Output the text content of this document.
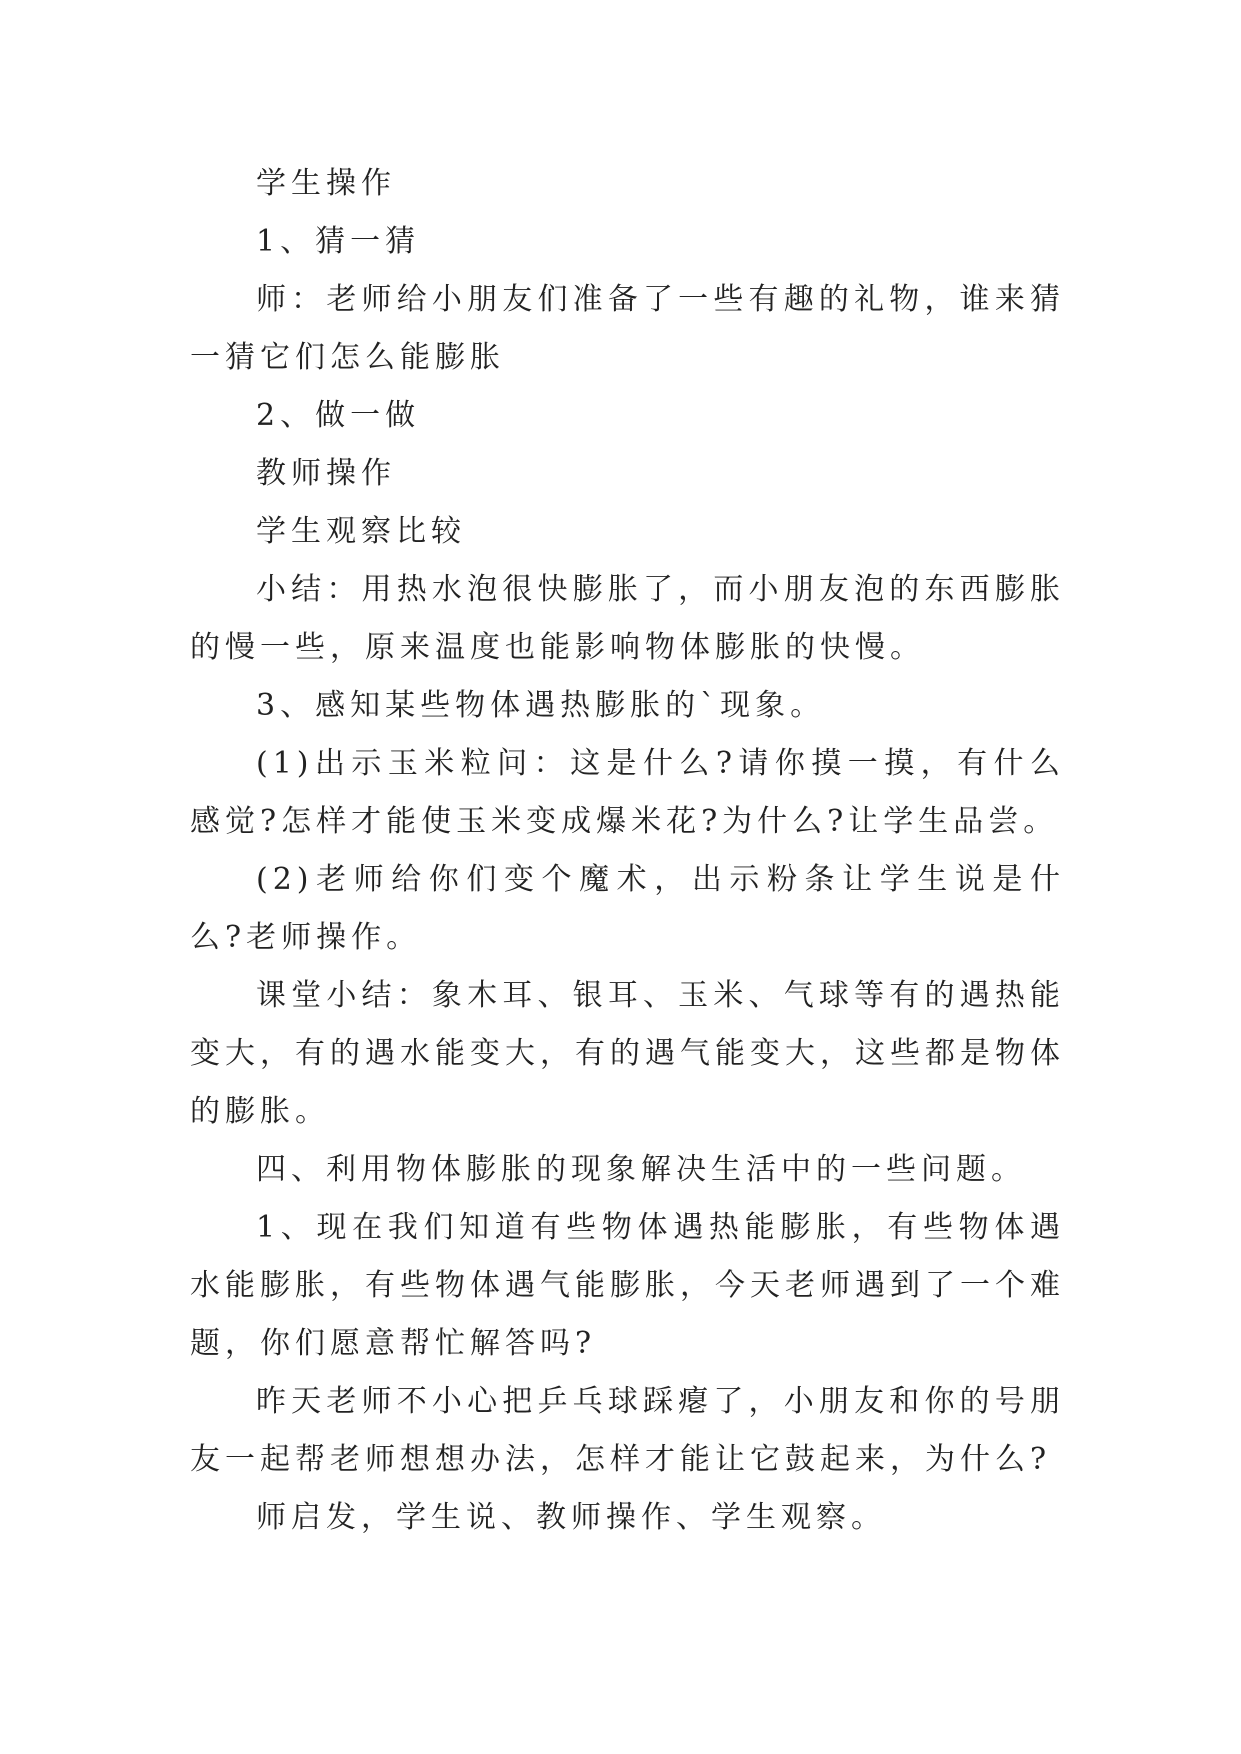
学生操作

1、猜一猜

师：老师给小朋友们准备了一些有趣的礼物，谁来猜一猜它们怎么能膨胀

2、做一做

教师操作

学生观察比较

小结：用热水泡很快膨胀了，而小朋友泡的东西膨胀的慢一些，原来温度也能影响物体膨胀的快慢。

3、感知某些物体遇热膨胀的`现象。

(1)出示玉米粒问：这是什么?请你摸一摸，有什么感觉?怎样才能使玉米变成爆米花?为什么?让学生品尝。

(2)老师给你们变个魔术，出示粉条让学生说是什么?老师操作。

课堂小结：象木耳、银耳、玉米、气球等有的遇热能变大，有的遇水能变大，有的遇气能变大，这些都是物体的膨胀。

四、利用物体膨胀的现象解决生活中的一些问题。

1、现在我们知道有些物体遇热能膨胀，有些物体遇水能膨胀，有些物体遇气能膨胀，今天老师遇到了一个难题，你们愿意帮忙解答吗?

昨天老师不小心把乒乓球踩瘪了，小朋友和你的号朋友一起帮老师想想办法，怎样才能让它鼓起来，为什么?

师启发，学生说、教师操作、学生观察。
